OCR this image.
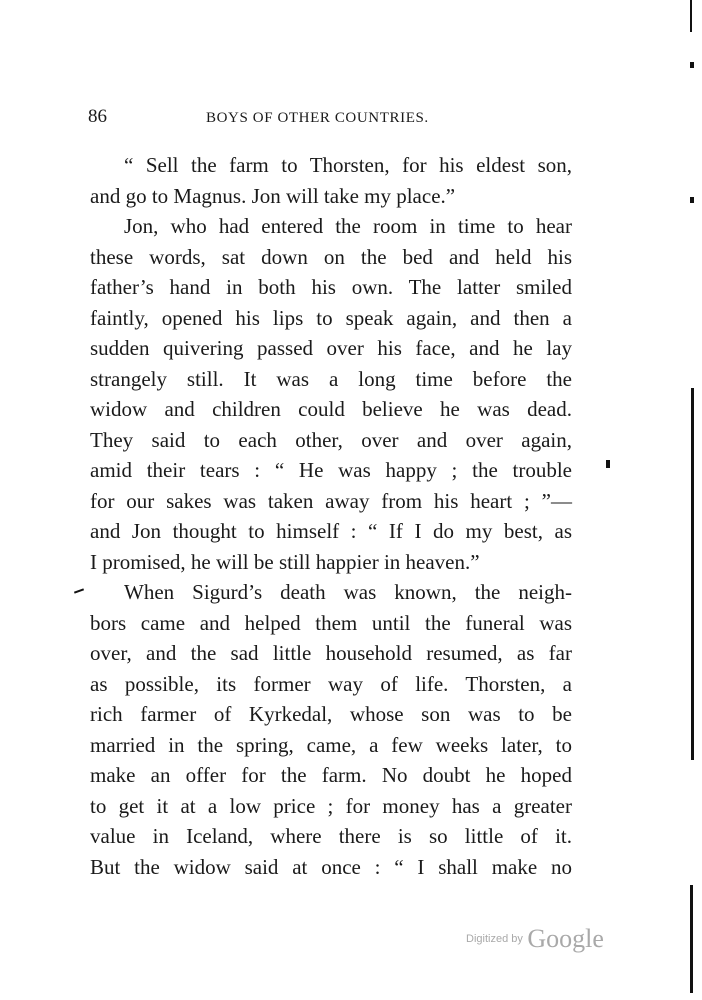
86	BOYS OF OTHER COUNTRIES.
“ Sell the farm to Thorsten, for his eldest son,
and go to Magnus. Jon will take my place.”
Jon, who had entered the room in time to hear
these words, sat down on the bed and held his
father’s hand in both his own. The latter smiled
faintly, opened his lips to speak again, and then a
sudden quivering passed over his face, and he lay
strangely still. It was a long time before the
widow and children could believe he was dead.
They said to each other, over and over again,
amid their tears : “ He was happy ; the trouble
for our sakes was taken away from his heart ; ”—
and Jon thought to himself : “ If I do my best, as
I promised, he will be still happier in heaven.”
When Sigurd’s death was known, the neigh-
bors came and helped them until the funeral was
over, and the sad little household resumed, as far
as possible, its former way of life. Thorsten, a
rich farmer of Kyrkedal, whose son was to be
married in the spring, came, a few weeks later, to
make an offer for the farm. No doubt he hoped
to get it at a low price ; for money has a greater
value in Iceland, where there is so little of it.
But the widow said at once : “ I shall make no
Digitized by Google
